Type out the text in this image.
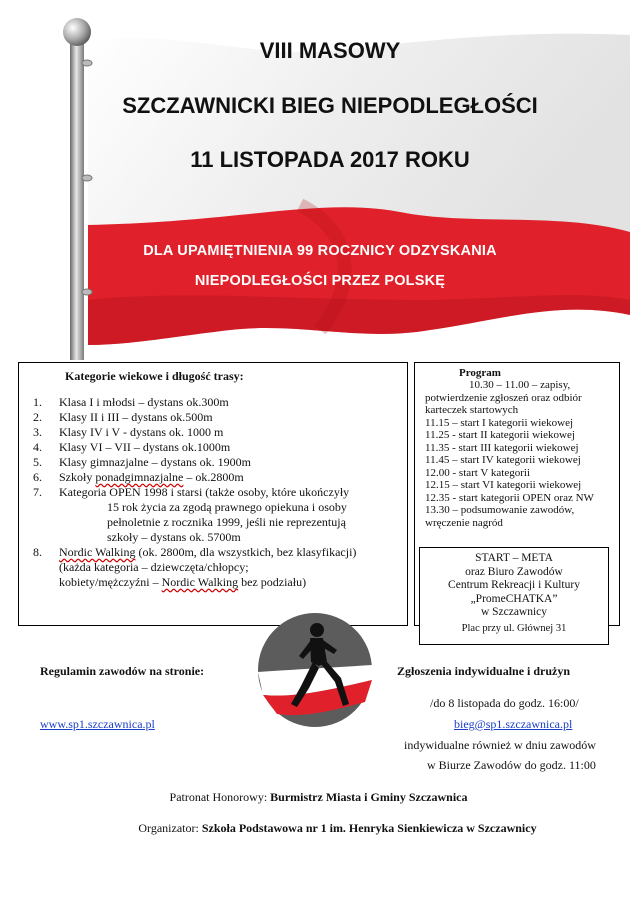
VIII MASOWY
SZCZAWNICKI BIEG NIEPODLEGŁOŚCI
11 LISTOPADA 2017 ROKU
DLA UPAMIĘTNIENIA 99 ROCZNICY ODZYSKANIA
NIEPODLEGŁOŚCI PRZEZ POLSKĘ
Kategorie wiekowe i długość trasy:
1.	Klasa I i młodsi – dystans ok.300m
2.	Klasy II i III – dystans ok.500m
3.	Klasy IV i V - dystans ok. 1000 m
4.	Klasy VI – VII – dystans ok.1000m
5.	Klasy gimnazjalne – dystans ok. 1900m
6.	Szkoły ponadgimnazjalne – ok.2800m
7.	Kategoria OPEN 1998 i starsi (także osoby, które ukończyły
15 rok życia za zgodą prawnego opiekuna i osoby
pełnoletnie z rocznika 1999, jeśli nie reprezentują
szkoły – dystans ok. 5700m
8.	Nordic Walking (ok. 2800m, dla wszystkich, bez klasyfikacji)
(każda kategoria – dziewczęta/chłopcy;
kobiety/mężczyźni – Nordic Walking bez podziału)
Program
10.30 – 11.00 – zapisy,
potwierdzenie zgłoszeń oraz odbiór
karteczek startowych
11.15 – start I kategorii wiekowej
11.25 - start II kategorii wiekowej
11.35 - start III kategorii wiekowej
11.45 – start IV kategorii wiekowej
12.00 - start V kategorii
12.15 – start VI kategorii wiekowej
12.35 - start kategorii OPEN oraz NW
13.30 – podsumowanie zawodów,
wręczenie nagród
START – META
oraz Biuro Zawodów
Centrum Rekreacji i Kultury
„PromeCHATKA”
w Szczawnicy
Plac przy ul. Głównej 31
Regulamin zawodów na stronie:
www.sp1.szczawnica.pl
Zgłoszenia indywidualne i drużyn
/do 8 listopada do godz. 16:00/
bieg@sp1.szczawnica.pl
indywidualne również w dniu zawodów
w Biurze Zawodów do godz. 11:00
Patronat Honorowy: Burmistrz Miasta i Gminy Szczawnica
Organizator: Szkoła Podstawowa nr 1 im. Henryka Sienkiewicza w Szczawnicy
